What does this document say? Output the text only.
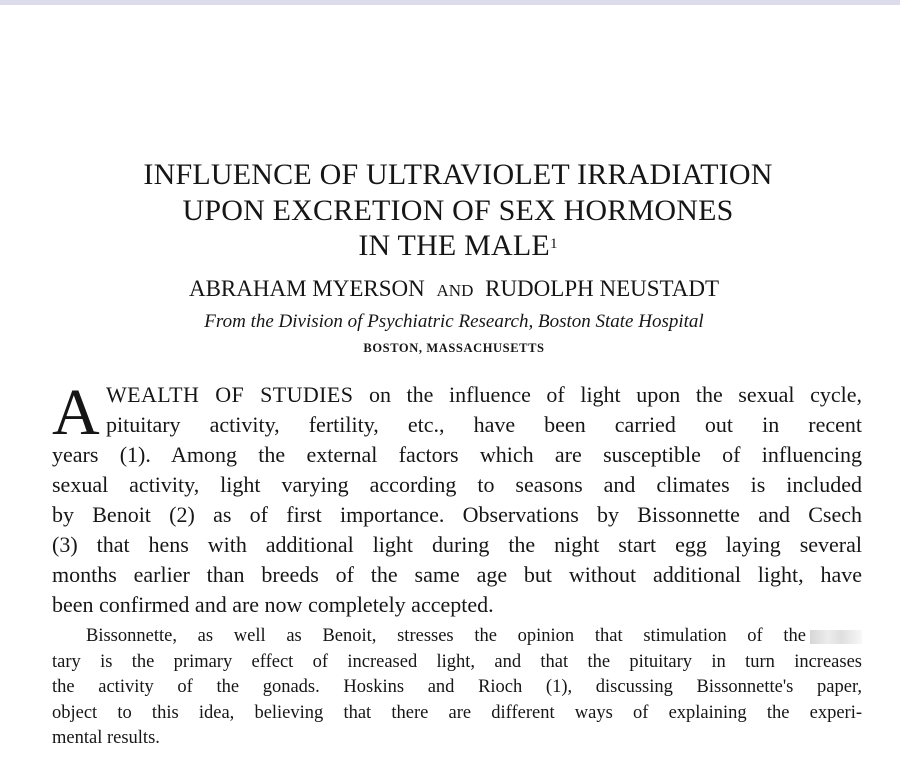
INFLUENCE OF ULTRAVIOLET IRRADIATION
UPON EXCRETION OF SEX HORMONES
IN THE MALE$^1$
ABRAHAM MYERSON AND RUDOLPH NEUSTADT
From the Division of Psychiatric Research, Boston State Hospital
BOSTON, MASSACHUSETTS
A WEALTH OF STUDIES on the influence of light upon the sexual cycle,
pituitary activity, fertility, etc., have been carried out in recent
years (1). Among the external factors which are susceptible of influencing
sexual activity, light varying according to seasons and climates is included
by Benoit (2) as of first importance. Observations by Bissonnette and Csech
(3) that hens with additional light during the night start egg laying several
months earlier than breeds of the same age but without additional light, have
been confirmed and are now completely accepted.
Bissonnette, as well as Benoit, stresses the opinion that stimulation of the
tary is the primary effect of increased light, and that the pituitary in turn increases
the activity of the gonads. Hoskins and Rioch (1), discussing Bissonnette's paper,
object to this idea, believing that there are different ways of explaining the experi-
mental results.
